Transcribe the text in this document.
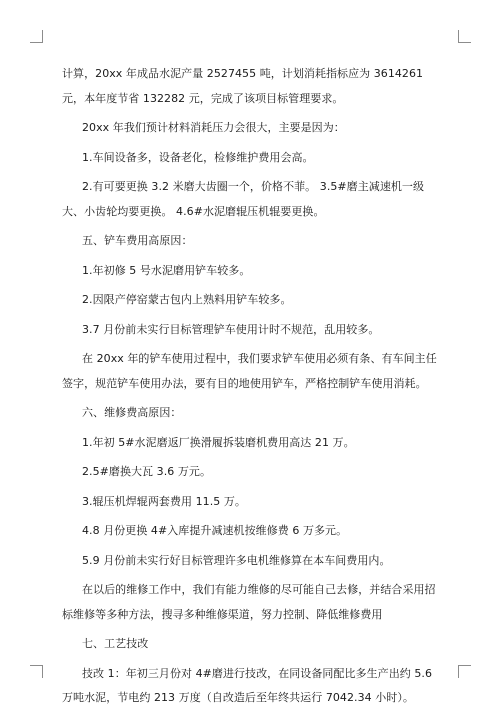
计算，20xx 年成品水泥产量 2527455 吨，计划消耗指标应为 3614261 元，本年度节省 132282 元，完成了该项目标管理要求。

20xx 年我们预计材料消耗压力会很大，主要是因为：

1.车间设备多，设备老化，检修维护费用会高。

2.有可要更换 3.2 米磨大齿圈一个，价格不菲。 3.5#磨主减速机一级大、小齿轮均要更换。 4.6#水泥磨辊压机辊要更换。

五、铲车费用高原因：

1.年初修 5 号水泥磨用铲车较多。

2.因限产停窑蒙古包内上熟料用铲车较多。

3.7 月份前未实行目标管理铲车使用计时不规范，乱用较多。

在 20xx 年的铲车使用过程中，我们要求铲车使用必须有条、有车间主任签字，规范铲车使用办法，要有目的地使用铲车，严格控制铲车使用消耗。

六、维修费高原因：

1.年初 5#水泥磨返厂换滑履拆装磨机费用高达 21 万。

2.5#磨换大瓦 3.6 万元。

3.辊压机焊辊两套费用 11.5 万。

4.8 月份更换 4#入库提升减速机按维修费 6 万多元。

5.9 月份前未实行好目标管理许多电机维修算在本车间费用内。

在以后的维修工作中，我们有能力维修的尽可能自己去修，并结合采用招标维修等多种方法，搜寻多种维修渠道，努力控制、降低维修费用

七、工艺技改

技改 1：年初三月份对 4#磨进行技改，在同设备同配比多生产出约 5.6 万吨水泥，节电约 213 万度（自改造后至年终共运行 7042.34 小时）。
